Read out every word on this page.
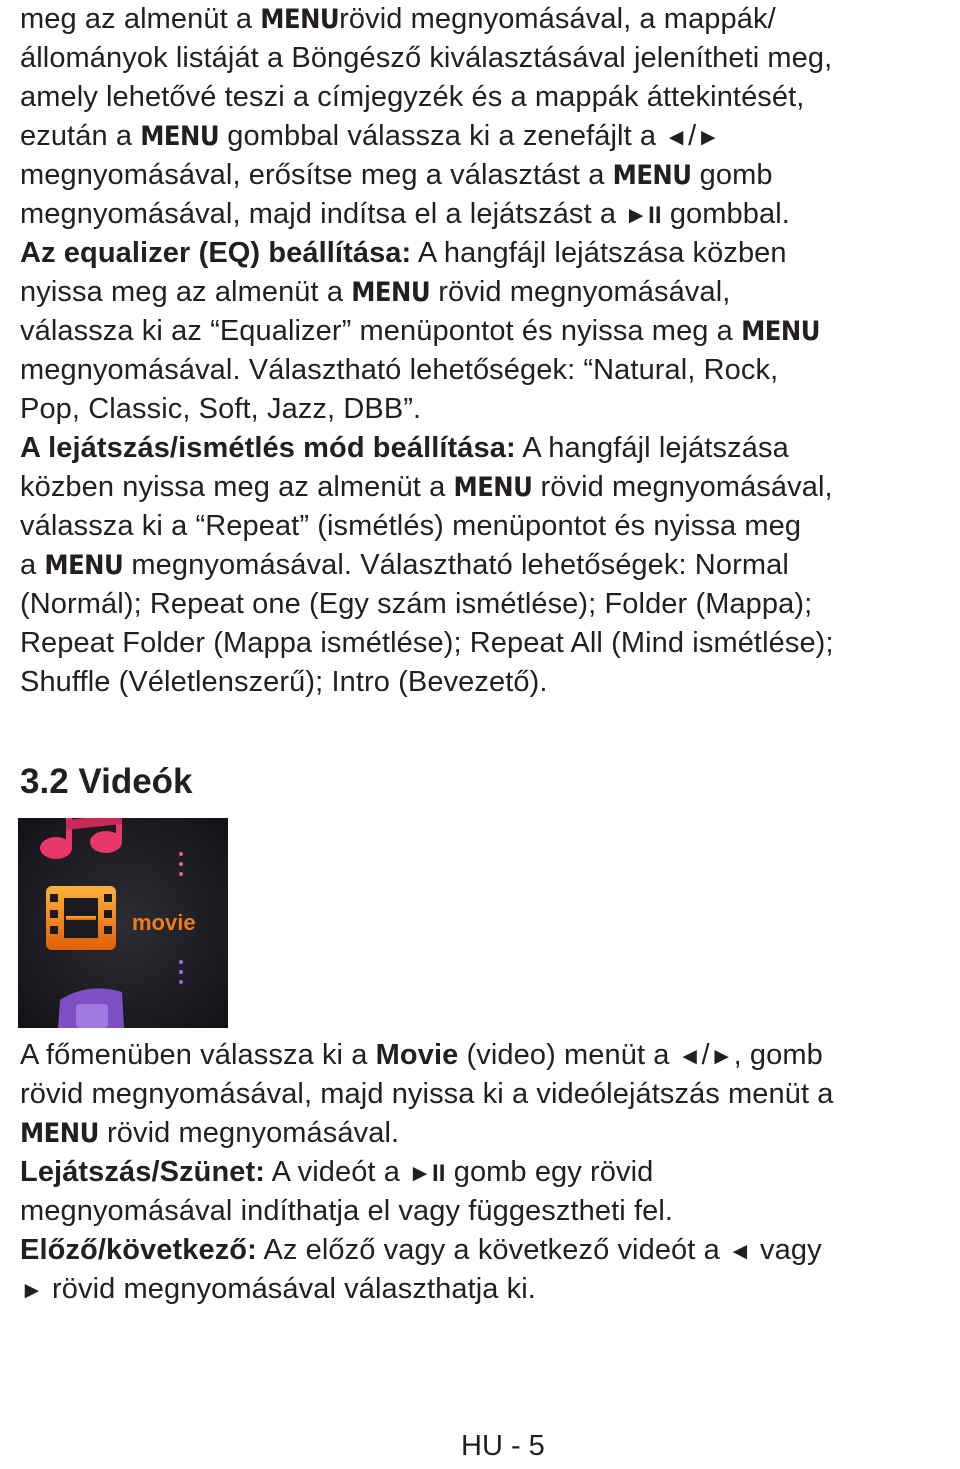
meg az almenüt a MENUrövid megnyomásával, a mappák/
állományok listáját a Böngésző kiválasztásával jelenítheti meg,
amely lehetővé teszi a címjegyzék és a mappák áttekintését,
ezután a MENU gombbal válassza ki a zenefájlt a ◄/►
megnyomásával, erősítse meg a választást a MENU gomb
megnyomásával, majd indítsa el a lejátszást a ►II gombbal.
Az equalizer (EQ) beállítása: A hangfájl lejátszása közben
nyissa meg az almenüt a MENU rövid megnyomásával,
válassza ki az “Equalizer” menüpontot és nyissa meg a MENU
megnyomásával. Választható lehetőségek: “Natural, Rock,
Pop, Classic, Soft, Jazz, DBB”.
A lejátszás/ismétlés mód beállítása: A hangfájl lejátszása
közben nyissa meg az almenüt a MENU rövid megnyomásával,
válassza ki a “Repeat” (ismétlés) menüpontot és nyissa meg
a MENU megnyomásával. Választható lehetőségek: Normal
(Normál); Repeat one (Egy szám ismétlése); Folder (Mappa);
Repeat Folder (Mappa ismétlése); Repeat All (Mind ismétlése);
Shuffle (Véletlenszerű); Intro (Bevezető).
3.2 Videók
A főmenüben válassza ki a Movie (video) menüt a ◄/►, gomb
rövid megnyomásával, majd nyissa ki a videólejátszás menüt a
MENU rövid megnyomásával.
Lejátszás/Szünet: A videót a ►II gomb egy rövid
megnyomásával indíthatja el vagy függesztheti fel.
Előző/következő: Az előző vagy a következő videót a ◄ vagy
► rövid megnyomásával választhatja ki.
HU - 5
movie
